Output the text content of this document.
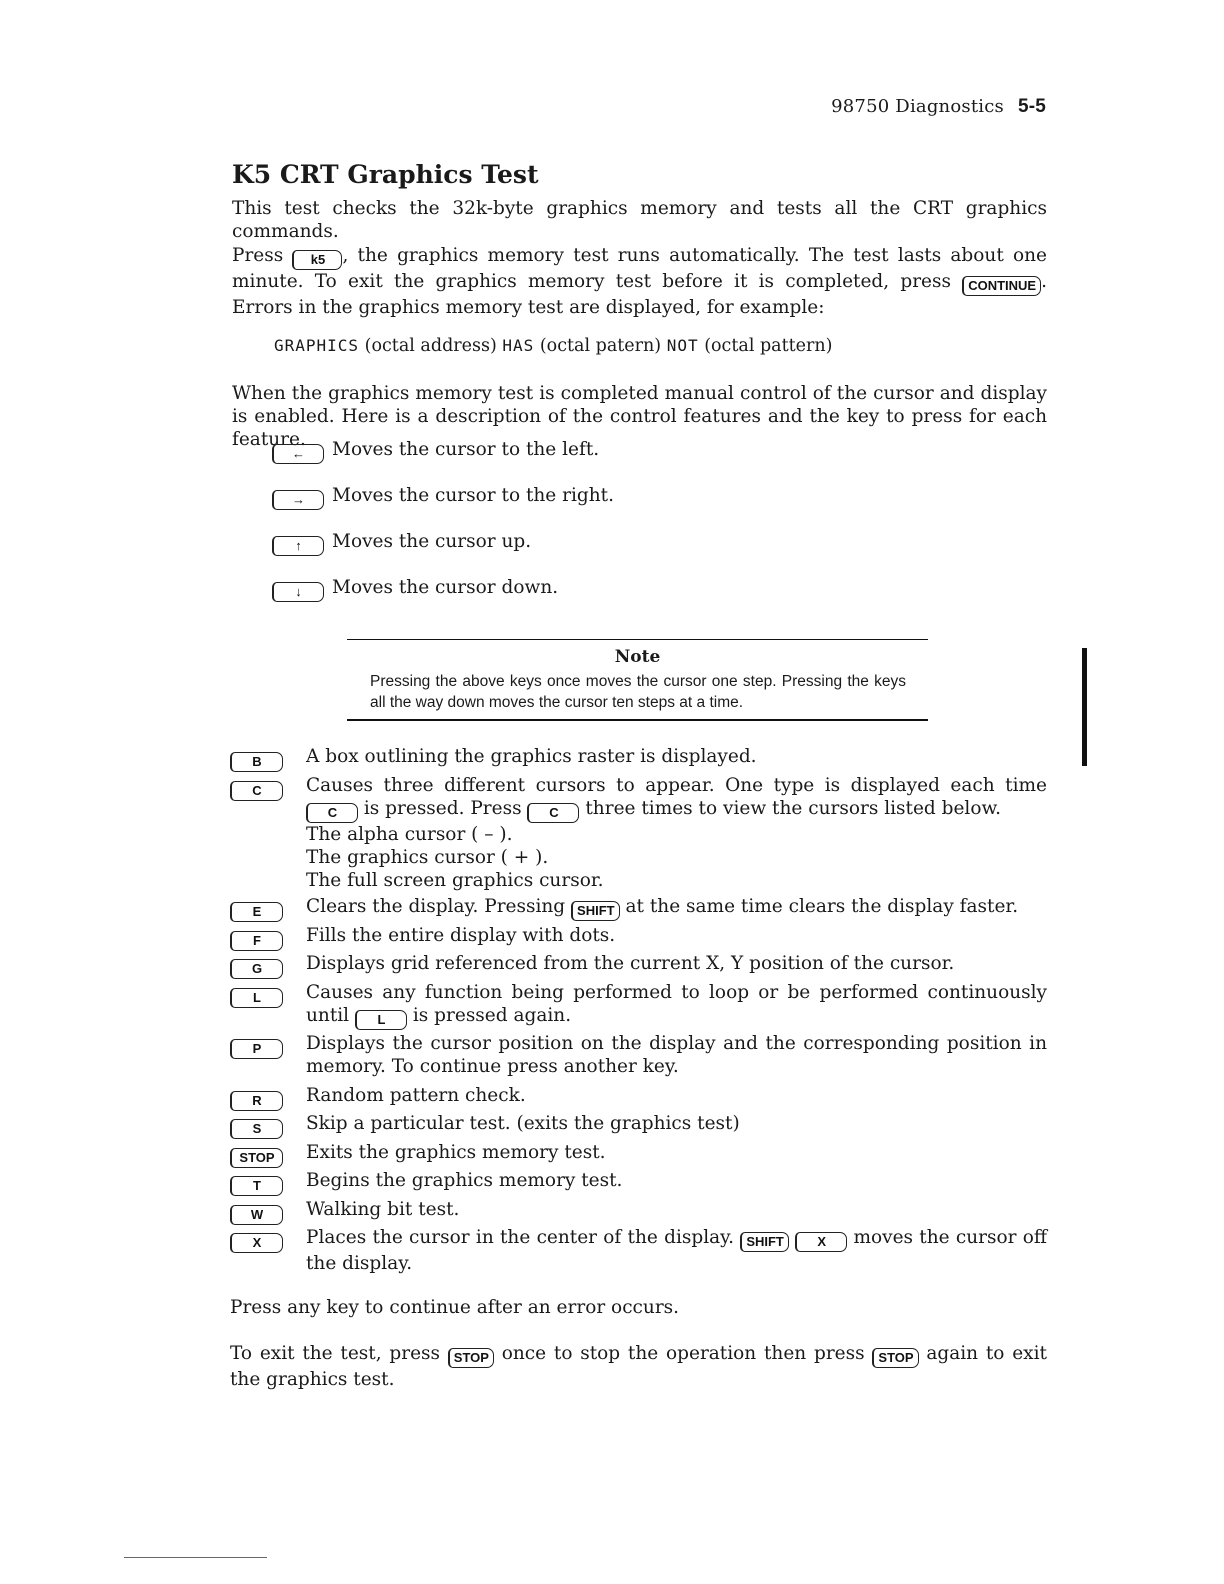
98750 Diagnostics 5-5
K5 CRT Graphics Test
This test checks the 32k-byte graphics memory and tests all the CRT graphics commands.
Press k5 , the graphics memory test runs automatically. The test lasts about one minute. To exit the graphics memory test before it is completed, press CONTINUE . Errors in the graphics memory test are displayed, for example:
GRAPHICS (octal address) HAS (octal patern) NOT (octal pattern)
When the graphics memory test is completed manual control of the cursor and display is enabled. Here is a description of the control features and the key to press for each feature.
← Moves the cursor to the left.
→ Moves the cursor to the right.
↑ Moves the cursor up.
↓ Moves the cursor down.
Note
Pressing the above keys once moves the cursor one step. Pressing the keys all the way down moves the cursor ten steps at a time.
B	A box outlining the graphics raster is displayed.
C	Causes three different cursors to appear. One type is displayed each time C is pressed. Press C three times to view the cursors listed below.
The alpha cursor ( – ).
The graphics cursor ( + ).
The full screen graphics cursor.
E	Clears the display. Pressing SHIFT at the same time clears the display faster.
F	Fills the entire display with dots.
G	Displays grid referenced from the current X, Y position of the cursor.
L	Causes any function being performed to loop or be performed continuously until L is pressed again.
P	Displays the cursor position on the display and the corresponding position in memory. To continue press another key.
R	Random pattern check.
S	Skip a particular test. (exits the graphics test)
STOP	Exits the graphics memory test.
T	Begins the graphics memory test.
W	Walking bit test.
X	Places the cursor in the center of the display. SHIFT	X moves the cursor off the display.
Press any key to continue after an error occurs.
To exit the test, press STOP once to stop the operation then press STOP again to exit the graphics test.
